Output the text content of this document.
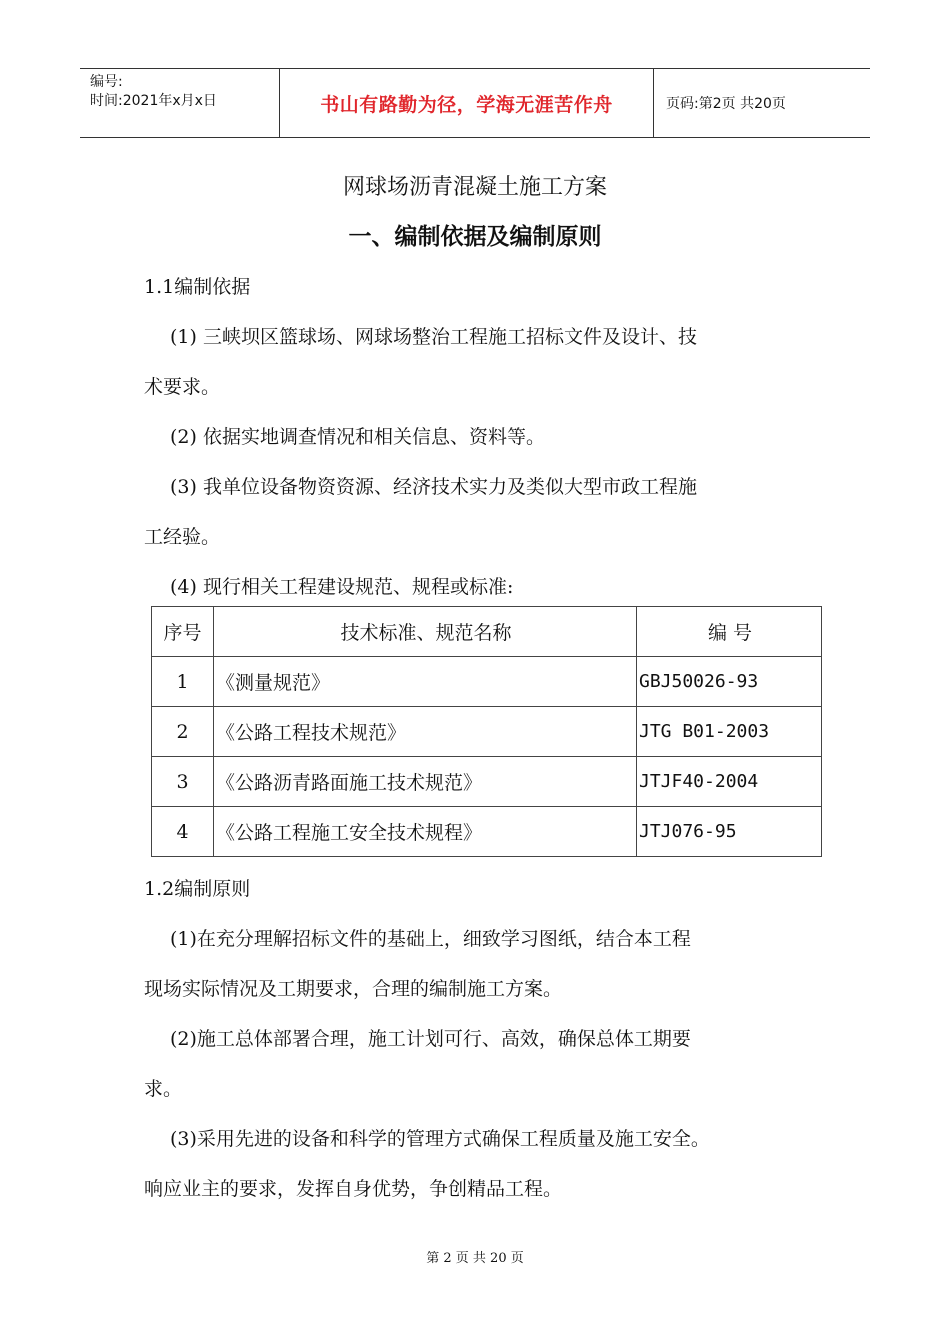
编号:
时间:2021年x月x日	书山有路勤为径，学海无涯苦作舟	页码:第2页 共20页
网球场沥青混凝土施工方案
一、编制依据及编制原则
1.1编制依据
(1) 三峡坝区篮球场、网球场整治工程施工招标文件及设计、技
术要求。
(2) 依据实地调查情况和相关信息、资料等。
(3) 我单位设备物资资源、经济技术实力及类似大型市政工程施
工经验。
(4) 现行相关工程建设规范、规程或标准:
序号	技术标准、规范名称	编 号
1	《测量规范》	GBJ50026-93
2	《公路工程技术规范》	JTG B01-2003
3	《公路沥青路面施工技术规范》	JTJF40-2004
4	《公路工程施工安全技术规程》	JTJ076-95
1.2编制原则
(1)在充分理解招标文件的基础上，细致学习图纸，结合本工程
现场实际情况及工期要求，合理的编制施工方案。
(2)施工总体部署合理，施工计划可行、高效，确保总体工期要
求。
(3)采用先进的设备和科学的管理方式确保工程质量及施工安全。
响应业主的要求，发挥自身优势，争创精品工程。
第 2 页 共 20 页
